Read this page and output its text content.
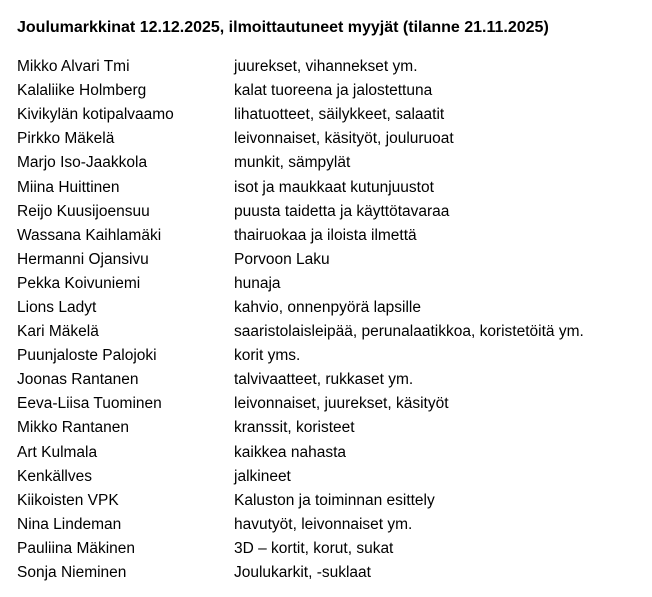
Joulumarkkinat 12.12.2025, ilmoittautuneet myyjät (tilanne 21.11.2025)
Mikko Alvari Tmi	juurekset, vihannekset ym.
Kalaliike Holmberg	kalat tuoreena ja jalostettuna
Kivikylän kotipalvaamo	lihatuotteet, säilykkeet, salaatit
Pirkko Mäkelä	leivonnaiset, käsityöt, jouluruoat
Marjo Iso-Jaakkola	munkit, sämpylät
Miina Huittinen	isot ja maukkaat kutunjuustot
Reijo Kuusijoensuu	puusta taidetta ja käyttötavaraa
Wassana Kaihlamäki	thairuokaa ja iloista ilmettä
Hermanni Ojansivu	Porvoon Laku
Pekka Koivuniemi	hunaja
Lions Ladyt	kahvio, onnenpyörä lapsille
Kari Mäkelä	saaristolaisleipää, perunalaatikkoa, koristetöitä ym.
Puunjaloste Palojoki	korit yms.
Joonas Rantanen	talvivaatteet, rukkaset ym.
Eeva-Liisa Tuominen	leivonnaiset, juurekset, käsityöt
Mikko Rantanen	kranssit, koristeet
Art Kulmala	kaikkea nahasta
Kenkällves	jalkineet
Kiikoisten VPK	Kaluston ja toiminnan esittely
Nina Lindeman	havutyöt, leivonnaiset ym.
Pauliina Mäkinen	3D – kortit, korut, sukat
Sonja Nieminen	Joulukarkit, -suklaat
